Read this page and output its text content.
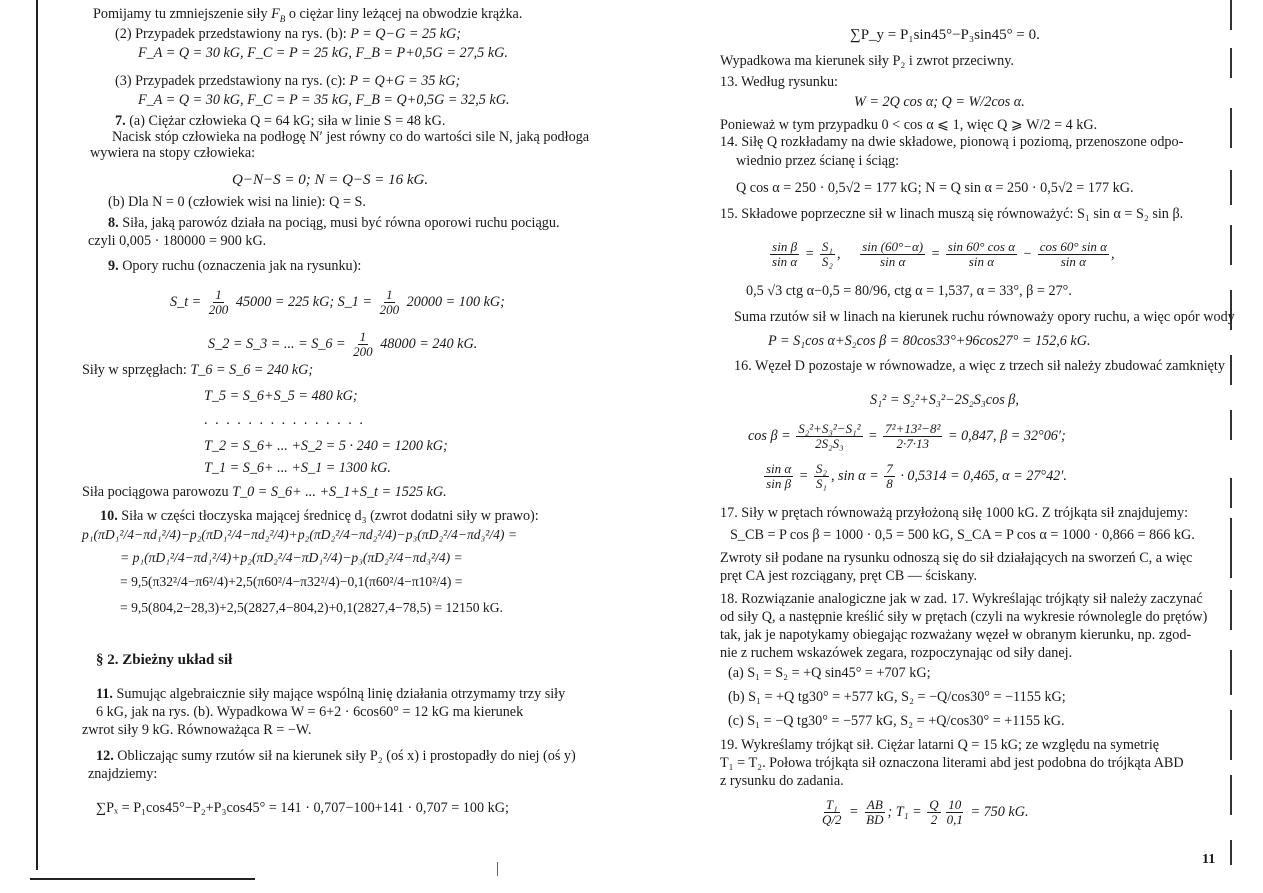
Pomijamy tu zmniejszenie siły $F_B$ o ciężar liny leżącej na obwodzie krążka.
(2) Przypadek przedstawiony na rys. (b): P = Q−G = 25 kG;
F_A = Q = 30 kG, F_C = P = 25 kG, F_B = P+0,5G = 27,5 kG.
(3) Przypadek przedstawiony na rys. (c): P = Q+G = 35 kG;
F_A = Q = 30 kG, F_C = P = 35 kG, F_B = Q+0,5G = 32,5 kG.
7. (a) Ciężar człowieka Q = 64 kG; siła w linie S = 48 kG.
Nacisk stóp człowieka na podłogę N′ jest równy co do wartości sile N, jaką podłoga
wywiera na stopy człowieka:
Q−N−S = 0; N = Q−S = 16 kG.
(b) Dla N = 0 (człowiek wisi na linie): Q = S.
8. Siła, jaką parowóz działa na pociąg, musi być równa oporowi ruchu pociągu.
czyli 0,005 · 180000 = 900 kG.
9. Opory ruchu (oznaczenia jak na rysunku):
S_t = $\frac{1}{200} 45000 = 225$ kG; S_1 = $\frac{1}{200} 20000 = 100$ kG;
S_2 = S_3 = ... = S_6 = $\frac{1}{200} 48000 = 240$ kG.
Siły w sprzęgłach: T_6 = S_6 = 240 kG;
T_5 = S_6+S_5 = 480 kG;
. . . . . . . . . . . . . . .
T_2 = S_6+ ... +S_2 = 5 · 240 = 1200 kG;
T_1 = S_6+ ... +S_1 = 1300 kG.
Siła pociągowa parowozu T_0 = S_6+ ... +S_1+S_t = 1525 kG.
10. Siła w części tłoczyska mającej średnicę d₃ (zwrot dodatni siły w prawo):
p₁(πD₁²/4−πd₁²/4)−p₂(πD₁²/4−πd₂²/4)+p₂(πD₂²/4−πd₂²/4)−p₃(πD₂²/4−πd₃²/4) =
= p₁(πD₁²/4−πd₁²/4)+p₂(πD₂²/4−πD₁²/4)−p₃(πD₂²/4−πd₃²/4) =
= 9,5(π32²/4−π6²/4)+2,5(π60²/4−π32²/4)−0,1(π60²/4−π10²/4) =
= 9,5(804,2−28,3)+2,5(2827,4−804,2)+0,1(2827,4−78,5) = 12150 kG.
§ 2. Zbieżny układ sił
11. Sumując algebraicznie siły mające wspólną linię działania otrzymamy trzy siły
6 kG, jak na rys. (b). Wypadkowa W = 6+2 · 6cos60° = 12 kG ma kierunek
zwrot siły 9 kG. Równoważąca R = −W.
12. Obliczając sumy rzutów sił na kierunek siły P₂ (oś x) i prostopadły do niej (oś y)
znajdziemy:
∑Pₓ = P₁cos45°−P₂+P₃cos45° = 141 · 0,707−100+141 · 0,707 = 100 kG;
∑P_y = P₁sin45°−P₃sin45° = 0.
Wypadkowa ma kierunek siły P₂ i zwrot przeciwny.
13. Według rysunku:
W = 2Q cos α; Q = W/2cos α.
Ponieważ w tym przypadku 0 < cos α ⩽ 1, więc Q ⩾ W/2 = 4 kG.
14. Siłę Q rozkładamy na dwie składowe, pionową i poziomą, przenoszone odpo-
wiednio przez ścianę i ściąg:
Q cos α = 250 · 0,5√2 = 177 kG; N = Q sin α = 250 · 0,5√2 = 177 kG.
15. Składowe poprzeczne sił w linach muszą się równoważyć: S₁ sin α = S₂ sin β.
$\frac{\text{sin β}}{\text{sin α}} = \frac{\text{S₁}}{\text{S₂}}$ , $\frac{\sin (60^\circ-\alpha)}{\text{sin α}} = \frac{\text{sin 60° cos α}}{\text{sin α}} - \frac{\text{cos 60° sin α}}{\text{sin α}}$ ,
0,5 √3 ctg α−0,5 = 80/96, ctg α = 1,537, α = 33°, β = 27°.
Suma rzutów sił w linach na kierunek ruchu równoważy opory ruchu, a więc opór wody
P = S₁cos α+S₂cos β = 80cos33°+96cos27° = 152,6 kG.
16. Węzeł D pozostaje w równowadze, a więc z trzech sił należy zbudować zamknięty
S₁² = S₂²+S₃²−2S₂S₃cos β,
$\cos \beta = \frac{\text{S₂²+S₃²−S₁²}}{\text{2S₂S₃}} = \frac{\text{7²+13²−8²}}{2\cdot 7\cdot 13} = 0,847$, β = 32°06′;
$\frac{\text{sin α}}{\text{sin β}} = \frac{\text{S₂}}{\text{S₁}}$ , $\sin \alpha = \frac{7}{8} \cdot 0,5314 = 0,465$, α = 27°42′.
17. Siły w prętach równoważą przyłożoną siłę 1000 kG. Z trójkąta sił znajdujemy:
S_CB = P cos β = 1000 · 0,5 = 500 kG, S_CA = P cos α = 1000 · 0,866 = 866 kG.
Zwroty sił podane na rysunku odnoszą się do sił działających na sworzeń C, a więc
pręt CA jest rozciągany, pręt CB — ściskany.
18. Rozwiązanie analogiczne jak w zad. 17. Wykreślając trójkąty sił należy zaczynać
od siły Q, a następnie kreślić siły w prętach (czyli na wykresie równolegle do prętów)
tak, jak je napotykamy obiegając rozważany węzeł w obranym kierunku, np. zgod-
nie z ruchem wskazówek zegara, rozpoczynając od siły danej.
(a) S₁ = S₂ = +Q sin45° = +707 kG;
(b) S₁ = +Q tg30° = +577 kG, S₂ = −Q/cos30° = −1155 kG;
(c) S₁ = −Q tg30° = −577 kG, S₂ = +Q/cos30° = +1155 kG.
19. Wykreślamy trójkąt sił. Ciężar latarni Q = 15 kG; ze względu na symetrię
T₁ = T₂. Połowa trójkąta sił oznaczona literami abd jest podobna do trójkąta ABD
z rysunku do zadania.
$\frac{\text{T₁}}{Q/2} = \frac{AB}{BD}$ ; $T_1 = \frac{Q}{2} \frac{10}{0,1} = 750$ kG.
11
